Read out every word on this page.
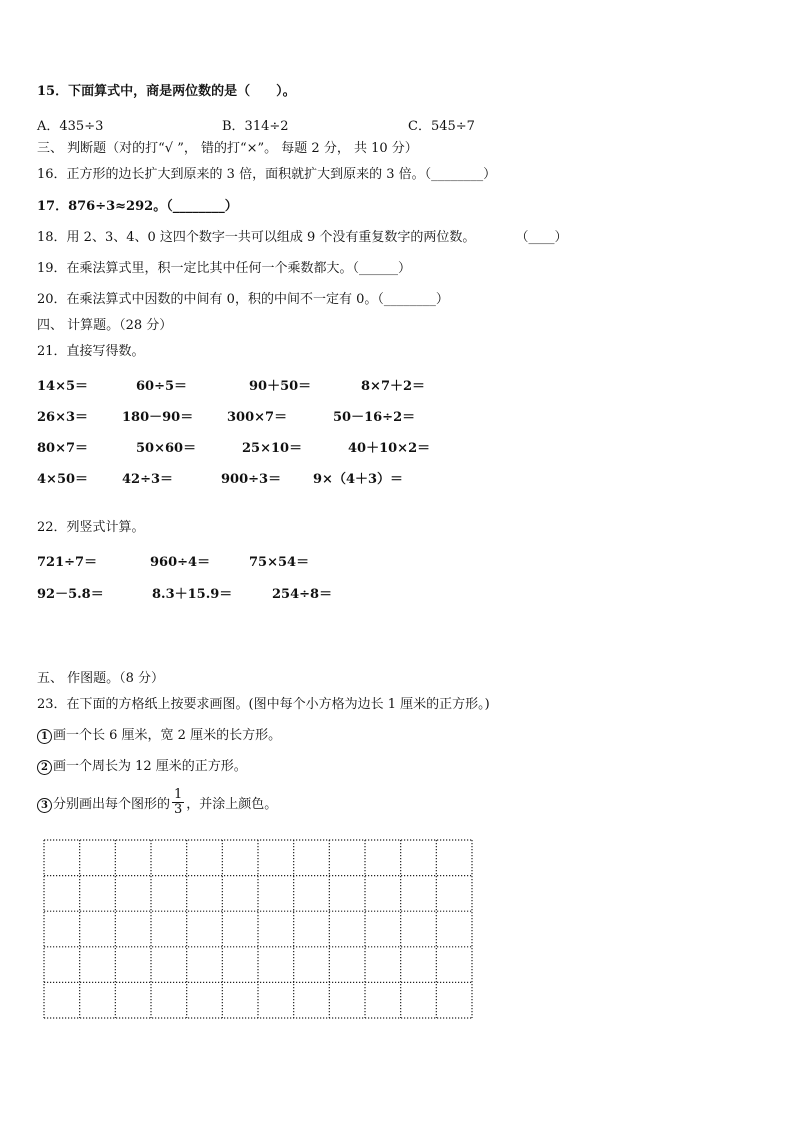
15．下面算式中，商是两位数的是（　　）。
A．435÷3	B．314÷2	C．545÷7
三、 判断题（对的打“√ ”， 错的打“×”。 每题 2 分， 共 10 分）
16．正方形的边长扩大到原来的 3 倍，面积就扩大到原来的 3 倍。（________）
17．876÷3≈292。（________）
18．用 2、3、4、0 这四个数字一共可以组成 9 个没有重复数字的两位数。	（____）
19．在乘法算式里，积一定比其中任何一个乘数都大。（______）
20．在乘法算式中因数的中间有 0，积的中间不一定有 0。（________）
四、 计算题。（28 分）
21．直接写得数。
14×5＝	60÷5＝	90＋50＝	8×7＋2＝
26×3＝	180－90＝	300×7＝	50－16÷2＝
80×7＝	50×60＝	25×10＝	40＋10×2＝
4×50＝	42÷3＝	900÷3＝ 9×（4＋3）＝
22．列竖式计算。
721÷7＝	960÷4＝	75×54＝
92－5.8＝	8.3＋15.9＝	254÷8＝
五、 作图题。（8 分）
23．在下面的方格纸上按要求画图。(图中每个小方格为边长 1 厘米的正方形。)
1 画一个长 6 厘米，宽 2 厘米的长方形。
2 画一个周长为 12 厘米的正方形。
3 分别画出每个图形的 $\frac{1}{3}$ ，并涂上颜色。
